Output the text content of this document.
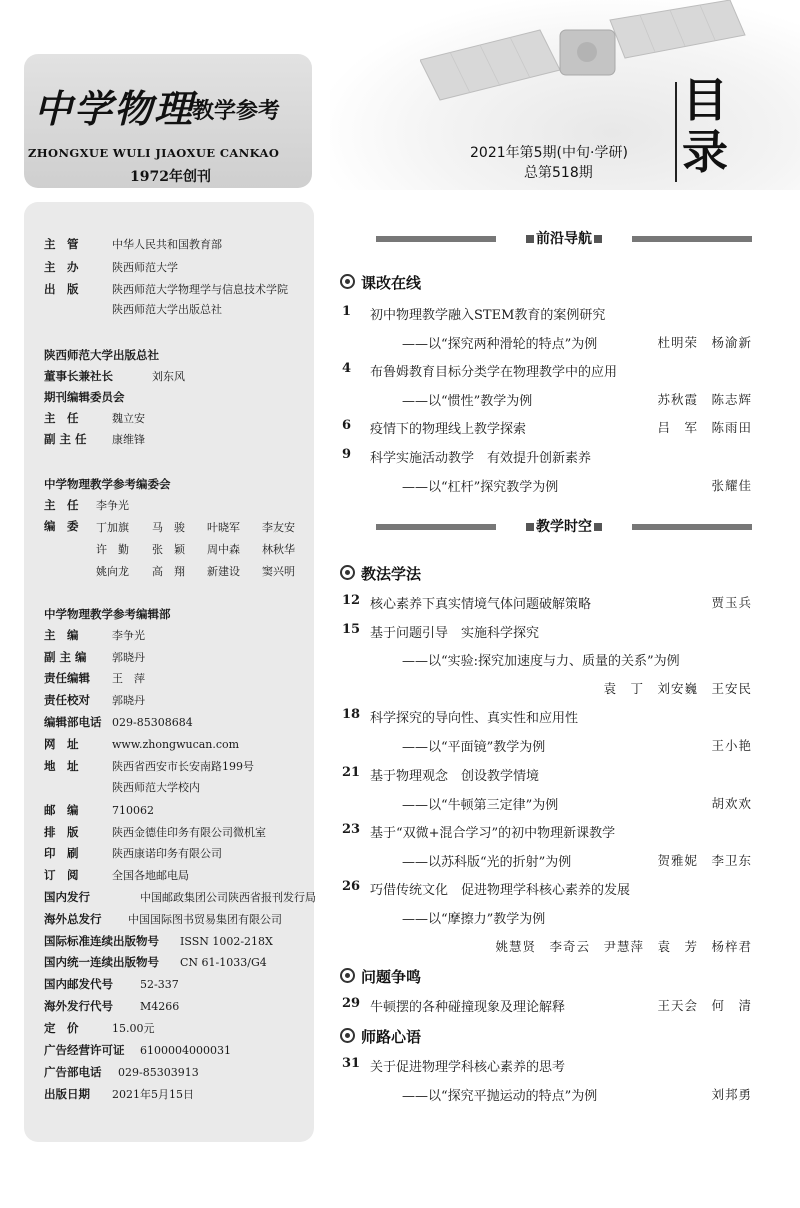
中学物理
教学参考
ZHONGXUE WULI JIAOXUE CANKAO
1972年创刊
2021年第5期(中旬·学研)
总第518期
目
录
主　管	中华人民共和国教育部
主　办	陕西师范大学
出　版	陕西师范大学物理学与信息技术学院
陕西师范大学出版总社
陕西师范大学出版总社
董事长兼社长	刘东风
期刊编辑委员会
主　任	魏立安
副 主 任 康维锋
中学物理教学参考编委会
主　任 李争光
编　委	丁加旗 马　骏 叶晓军 李友安
许　勤 张　颖 周中森 林秋华
姚向龙 高　翔 新建设 窦兴明
中学物理教学参考编辑部
主　编	李争光
副 主 编 郭晓丹
责任编辑 王　萍
责任校对 郭晓丹
编辑部电话 029-85308684
网　址	www.zhongwucan.com
地　址	陕西省西安市长安南路199号
陕西师范大学校内
邮　编	710062
排　版	陕西金德佳印务有限公司微机室
印　刷	陕西康诺印务有限公司
订　阅	全国各地邮电局
国内发行	中国邮政集团公司陕西省报刊发行局
海外总发行 中国国际图书贸易集团有限公司
国际标准连续出版物号 ISSN 1002-218X
国内统一连续出版物号 CN 61-1033/G4
国内邮发代号 52-337
海外发行代号 M4266
定　价	15.00元
广告经营许可证 6100004000031
广告部电话 029-85303913
出版日期 2021年5月15日
前沿导航
教学时空
课改在线
1 初中物理教学融入STEM教育的案例研究
——以“探究两种滑轮的特点”为例	杜明荣　杨渝新
4 布鲁姆教育目标分类学在物理教学中的应用
——以“惯性”教学为例	苏秋霞　陈志辉
6 疫情下的物理线上教学探索	吕　军　陈雨田
9 科学实施活动教学　有效提升创新素养
——以“杠杆”探究教学为例	张耀佳
教法学法
12 核心素养下真实情境气体问题破解策略	贾玉兵
15 基于问题引导　实施科学探究
——以“实验:探究加速度与力、质量的关系”为例
袁　丁　刘安巍　王安民
18 科学探究的导向性、真实性和应用性
——以“平面镜”教学为例	王小艳
21 基于物理观念　创设教学情境
——以“牛顿第三定律”为例	胡欢欢
23 基于“双微+混合学习”的初中物理新课教学
——以苏科版“光的折射”为例	贺雅妮　李卫东
26 巧借传统文化　促进物理学科核心素养的发展
——以“摩擦力”教学为例
姚慧贤　李奇云　尹慧萍　袁　芳　杨梓君
问题争鸣
29 牛顿摆的各种碰撞现象及理论解释	王天会　何　清
师路心语
31 关于促进物理学科核心素养的思考
——以“探究平抛运动的特点”为例	刘邦勇
